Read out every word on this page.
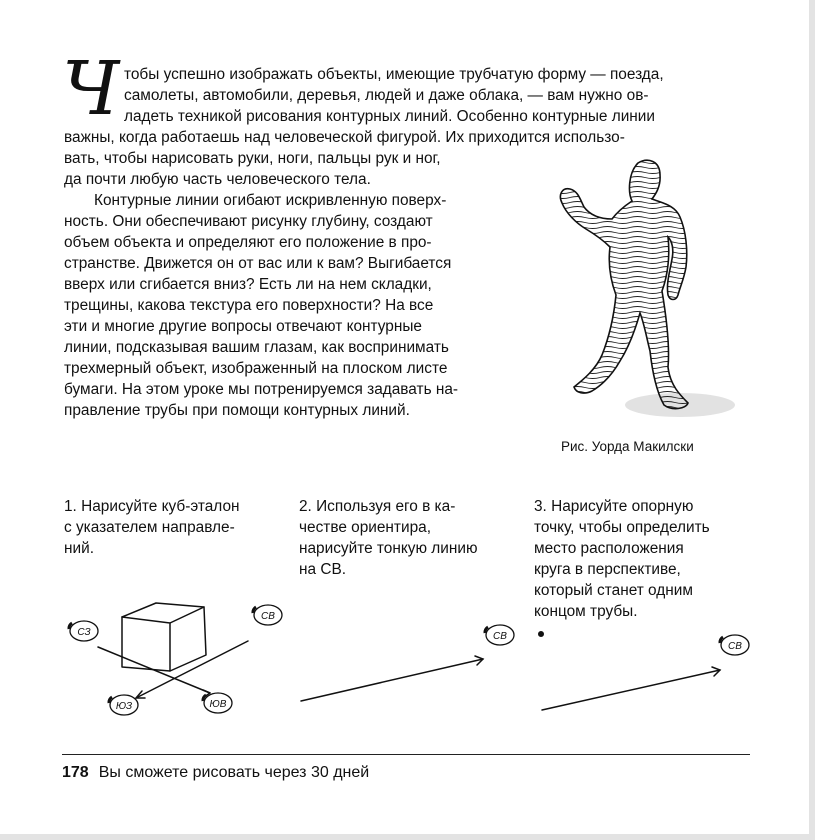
Ч тобы успешно изображать объекты, имеющие трубчатую форму — поезда,
самолеты, автомобили, деревья, людей и даже облака, — вам нужно ов-
ладеть техникой рисования контурных линий. Особенно контурные линии
важны, когда работаешь над человеческой фигурой. Их приходится использо-
вать, чтобы нарисовать руки, ноги, пальцы рук и ног,
да почти любую часть человеческого тела.
Контурные линии огибают искривленную поверх-
ность. Они обеспечивают рисунку глубину, создают
объем объекта и определяют его положение в про-
странстве. Движется он от вас или к вам? Выгибается
вверх или сгибается вниз? Есть ли на нем складки,
трещины, какова текстура его поверхности? На все
эти и многие другие вопросы отвечают контурные
линии, подсказывая вашим глазам, как воспринимать
трехмерный объект, изображенный на плоском листе
бумаги. На этом уроке мы потренируемся задавать на-
правление трубы при помощи контурных линий.
Рис. Уорда Макилски
1. Нарисуйте куб-эталон
с указателем направле-
ний.
2. Используя его в ка-
честве ориентира,
нарисуйте тонкую линию
на СВ.
3. Нарисуйте опорную
точку, чтобы определить
место расположения
круга в перспективе,
который станет одним
концом трубы.
СЗ
СВ
ЮЗ	ЮВ
СВ
СВ
178 Вы сможете рисовать через 30 дней
